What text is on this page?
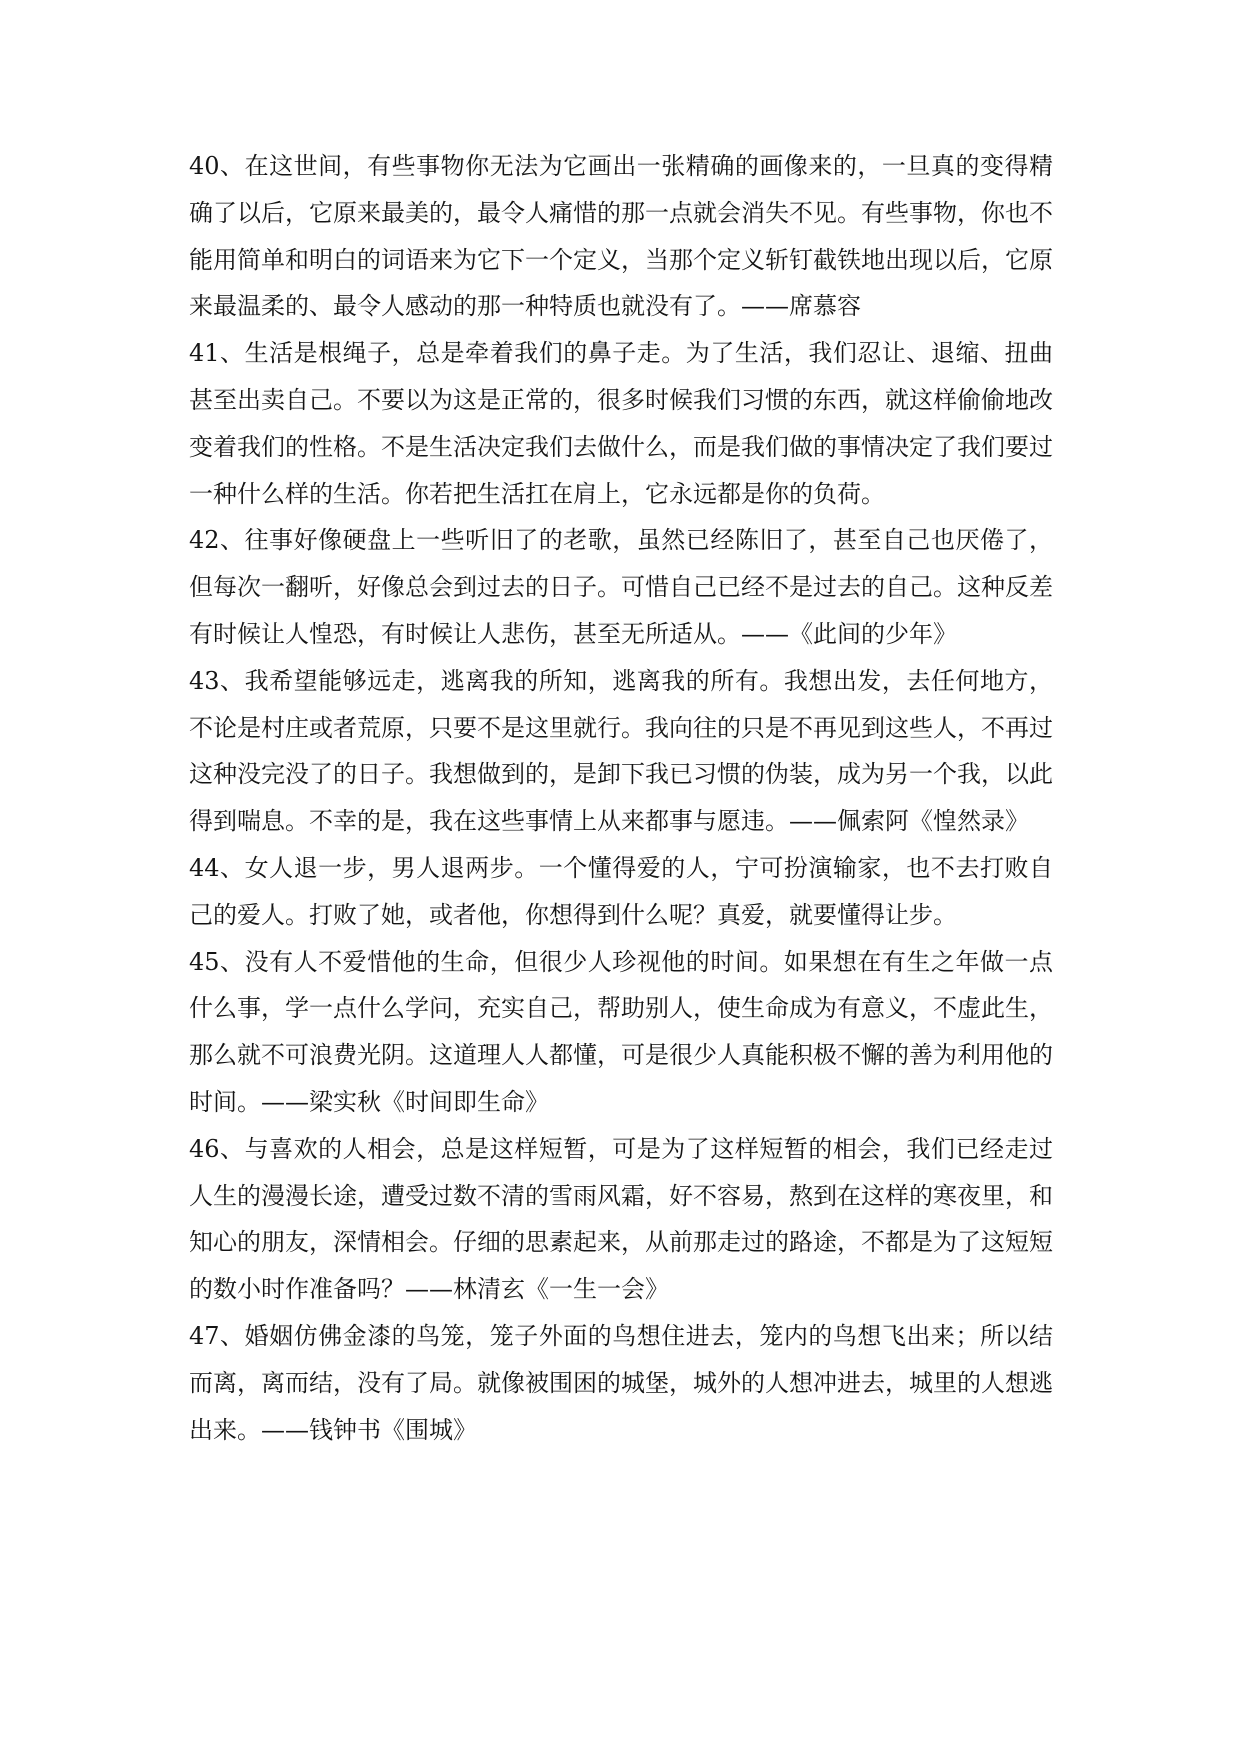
40、在这世间，有些事物你无法为它画出一张精确的画像来的，一旦真的变得精确了以后，它原来最美的，最令人痛惜的那一点就会消失不见。有些事物，你也不能用简单和明白的词语来为它下一个定义，当那个定义斩钉截铁地出现以后，它原来最温柔的、最令人感动的那一种特质也就没有了。——席慕容

41、生活是根绳子，总是牵着我们的鼻子走。为了生活，我们忍让、退缩、扭曲甚至出卖自己。不要以为这是正常的，很多时候我们习惯的东西，就这样偷偷地改变着我们的性格。不是生活决定我们去做什么，而是我们做的事情决定了我们要过一种什么样的生活。你若把生活扛在肩上，它永远都是你的负荷。

42、往事好像硬盘上一些听旧了的老歌，虽然已经陈旧了，甚至自己也厌倦了，但每次一翻听，好像总会到过去的日子。可惜自己已经不是过去的自己。这种反差有时候让人惶恐，有时候让人悲伤，甚至无所适从。——《此间的少年》

43、我希望能够远走，逃离我的所知，逃离我的所有。我想出发，去任何地方，不论是村庄或者荒原，只要不是这里就行。我向往的只是不再见到这些人，不再过这种没完没了的日子。我想做到的，是卸下我已习惯的伪装，成为另一个我，以此得到喘息。不幸的是，我在这些事情上从来都事与愿违。——佩索阿《惶然录》

44、女人退一步，男人退两步。一个懂得爱的人，宁可扮演输家，也不去打败自己的爱人。打败了她，或者他，你想得到什么呢？真爱，就要懂得让步。

45、没有人不爱惜他的生命，但很少人珍视他的时间。如果想在有生之年做一点什么事，学一点什么学问，充实自己，帮助别人，使生命成为有意义，不虚此生，那么就不可浪费光阴。这道理人人都懂，可是很少人真能积极不懈的善为利用他的时间。——梁实秋《时间即生命》

46、与喜欢的人相会，总是这样短暂，可是为了这样短暂的相会，我们已经走过人生的漫漫长途，遭受过数不清的雪雨风霜，好不容易，熬到在这样的寒夜里，和知心的朋友，深情相会。仔细的思素起来，从前那走过的路途，不都是为了这短短的数小时作准备吗？——林清玄《一生一会》

47、婚姻仿佛金漆的鸟笼，笼子外面的鸟想住进去，笼内的鸟想飞出来；所以结而离，离而结，没有了局。就像被围困的城堡，城外的人想冲进去，城里的人想逃出来。——钱钟书《围城》
